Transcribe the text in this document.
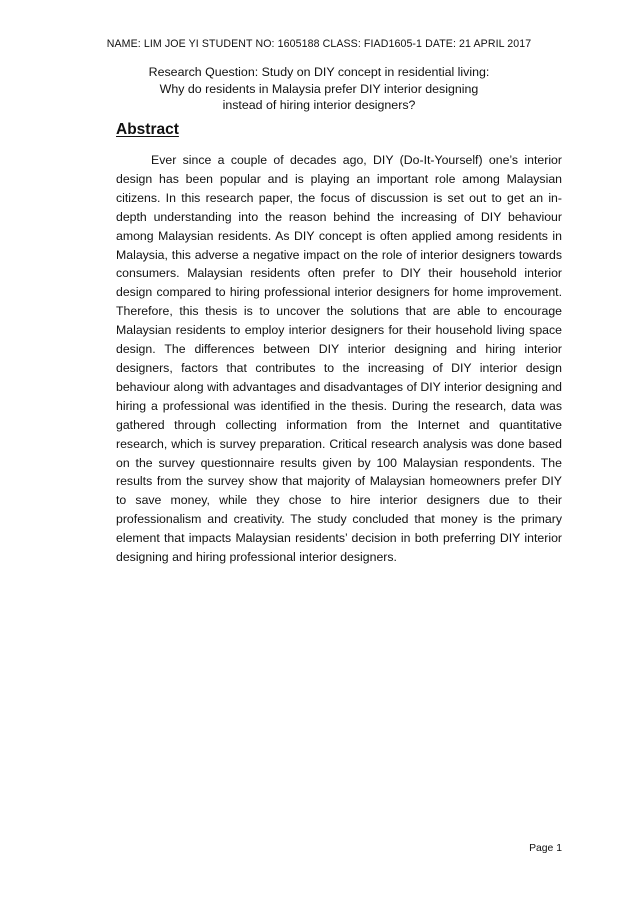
NAME: LIM JOE YI STUDENT NO: 1605188 CLASS: FIAD1605-1 DATE: 21 APRIL 2017
Research Question: Study on DIY concept in residential living:
Why do residents in Malaysia prefer DIY interior designing
instead of hiring interior designers?
Abstract

Ever since a couple of decades ago, DIY (Do-It-Yourself) one’s interior design has been popular and is playing an important role among Malaysian citizens. In this research paper, the focus of discussion is set out to get an in-depth understanding into the reason behind the increasing of DIY behaviour among Malaysian residents. As DIY concept is often applied among residents in Malaysia, this adverse a negative impact on the role of interior designers towards consumers. Malaysian residents often prefer to DIY their household interior design compared to hiring professional interior designers for home improvement. Therefore, this thesis is to uncover the solutions that are able to encourage Malaysian residents to employ interior designers for their household living space design. The differences between DIY interior designing and hiring interior designers, factors that contributes to the increasing of DIY interior design behaviour along with advantages and disadvantages of DIY interior designing and hiring a professional was identified in the thesis. During the research, data was gathered through collecting information from the Internet and quantitative research, which is survey preparation. Critical research analysis was done based on the survey questionnaire results given by 100 Malaysian respondents. The results from the survey show that majority of Malaysian homeowners prefer DIY to save money, while they chose to hire interior designers due to their professionalism and creativity. The study concluded that money is the primary element that impacts Malaysian residents’ decision in both preferring DIY interior designing and hiring professional interior designers.

Page 1
